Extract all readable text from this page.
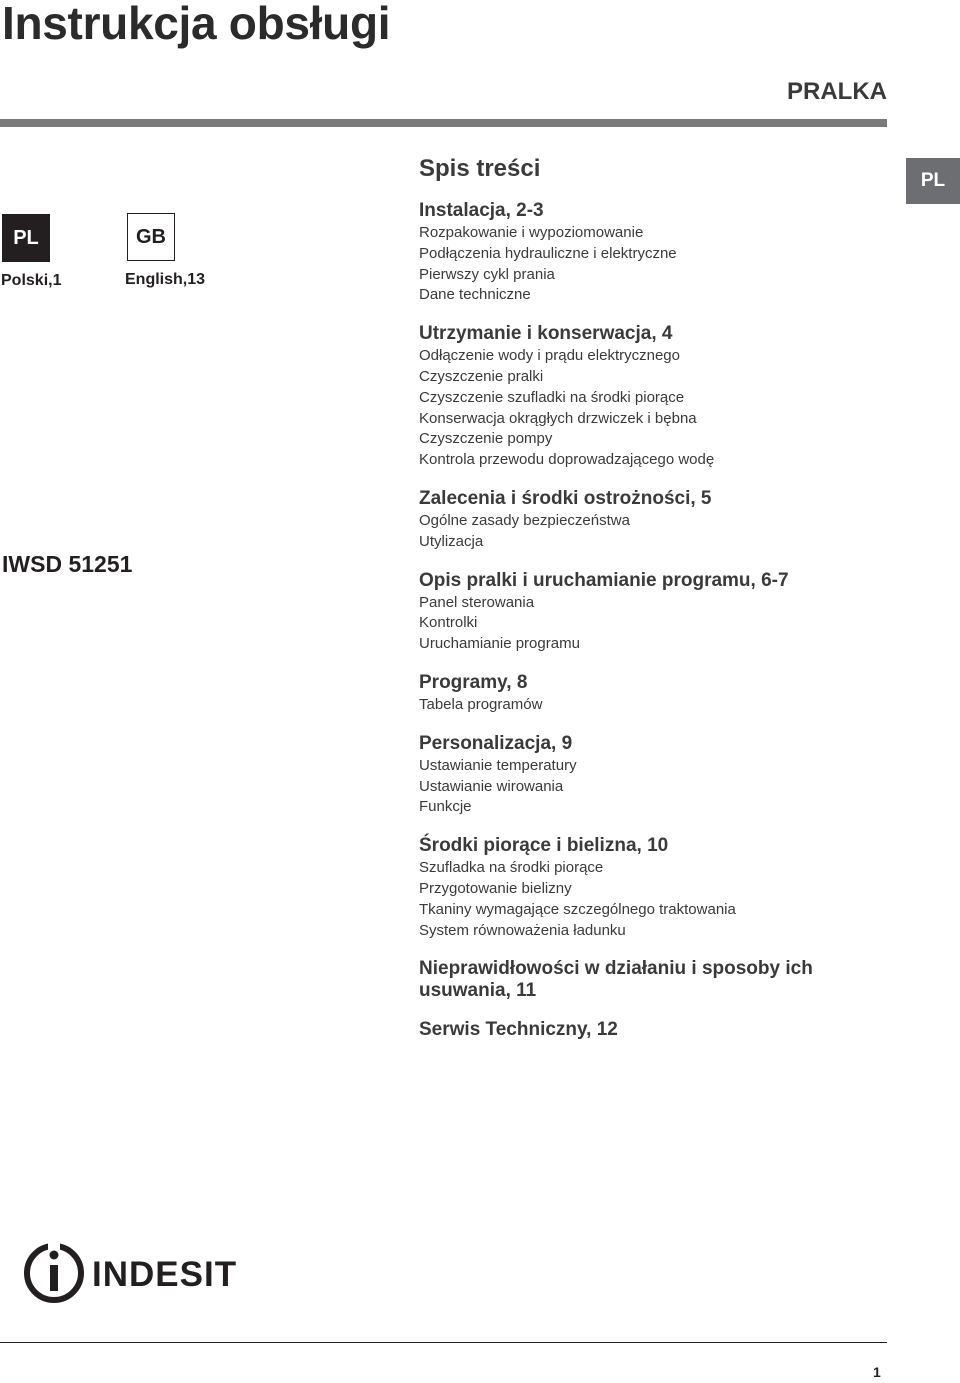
Instrukcja obsługi
PRALKA
PL
PL
Polski,1
GB
English,13
IWSD 51251
Spis treści
Instalacja, 2-3
Rozpakowanie i wypoziomowanie
Podłączenia hydrauliczne i elektryczne
Pierwszy cykl prania
Dane techniczne
Utrzymanie i konserwacja, 4
Odłączenie wody i prądu elektrycznego
Czyszczenie pralki
Czyszczenie szufladki na środki piorące
Konserwacja okrągłych drzwiczek i bębna
Czyszczenie pompy
Kontrola przewodu doprowadzającego wodę
Zalecenia i środki ostrożności, 5
Ogólne zasady bezpieczeństwa
Utylizacja
Opis pralki i uruchamianie programu, 6-7
Panel sterowania
Kontrolki
Uruchamianie programu
Programy, 8
Tabela programów
Personalizacja, 9
Ustawianie temperatury
Ustawianie wirowania
Funkcje
Środki piorące i bielizna, 10
Szufladka na środki piorące
Przygotowanie bielizny
Tkaniny wymagające szczególnego traktowania
System równoważenia ładunku
Nieprawidłowości w działaniu i sposoby ich usuwania, 11
Serwis Techniczny, 12
INDESIT
1
